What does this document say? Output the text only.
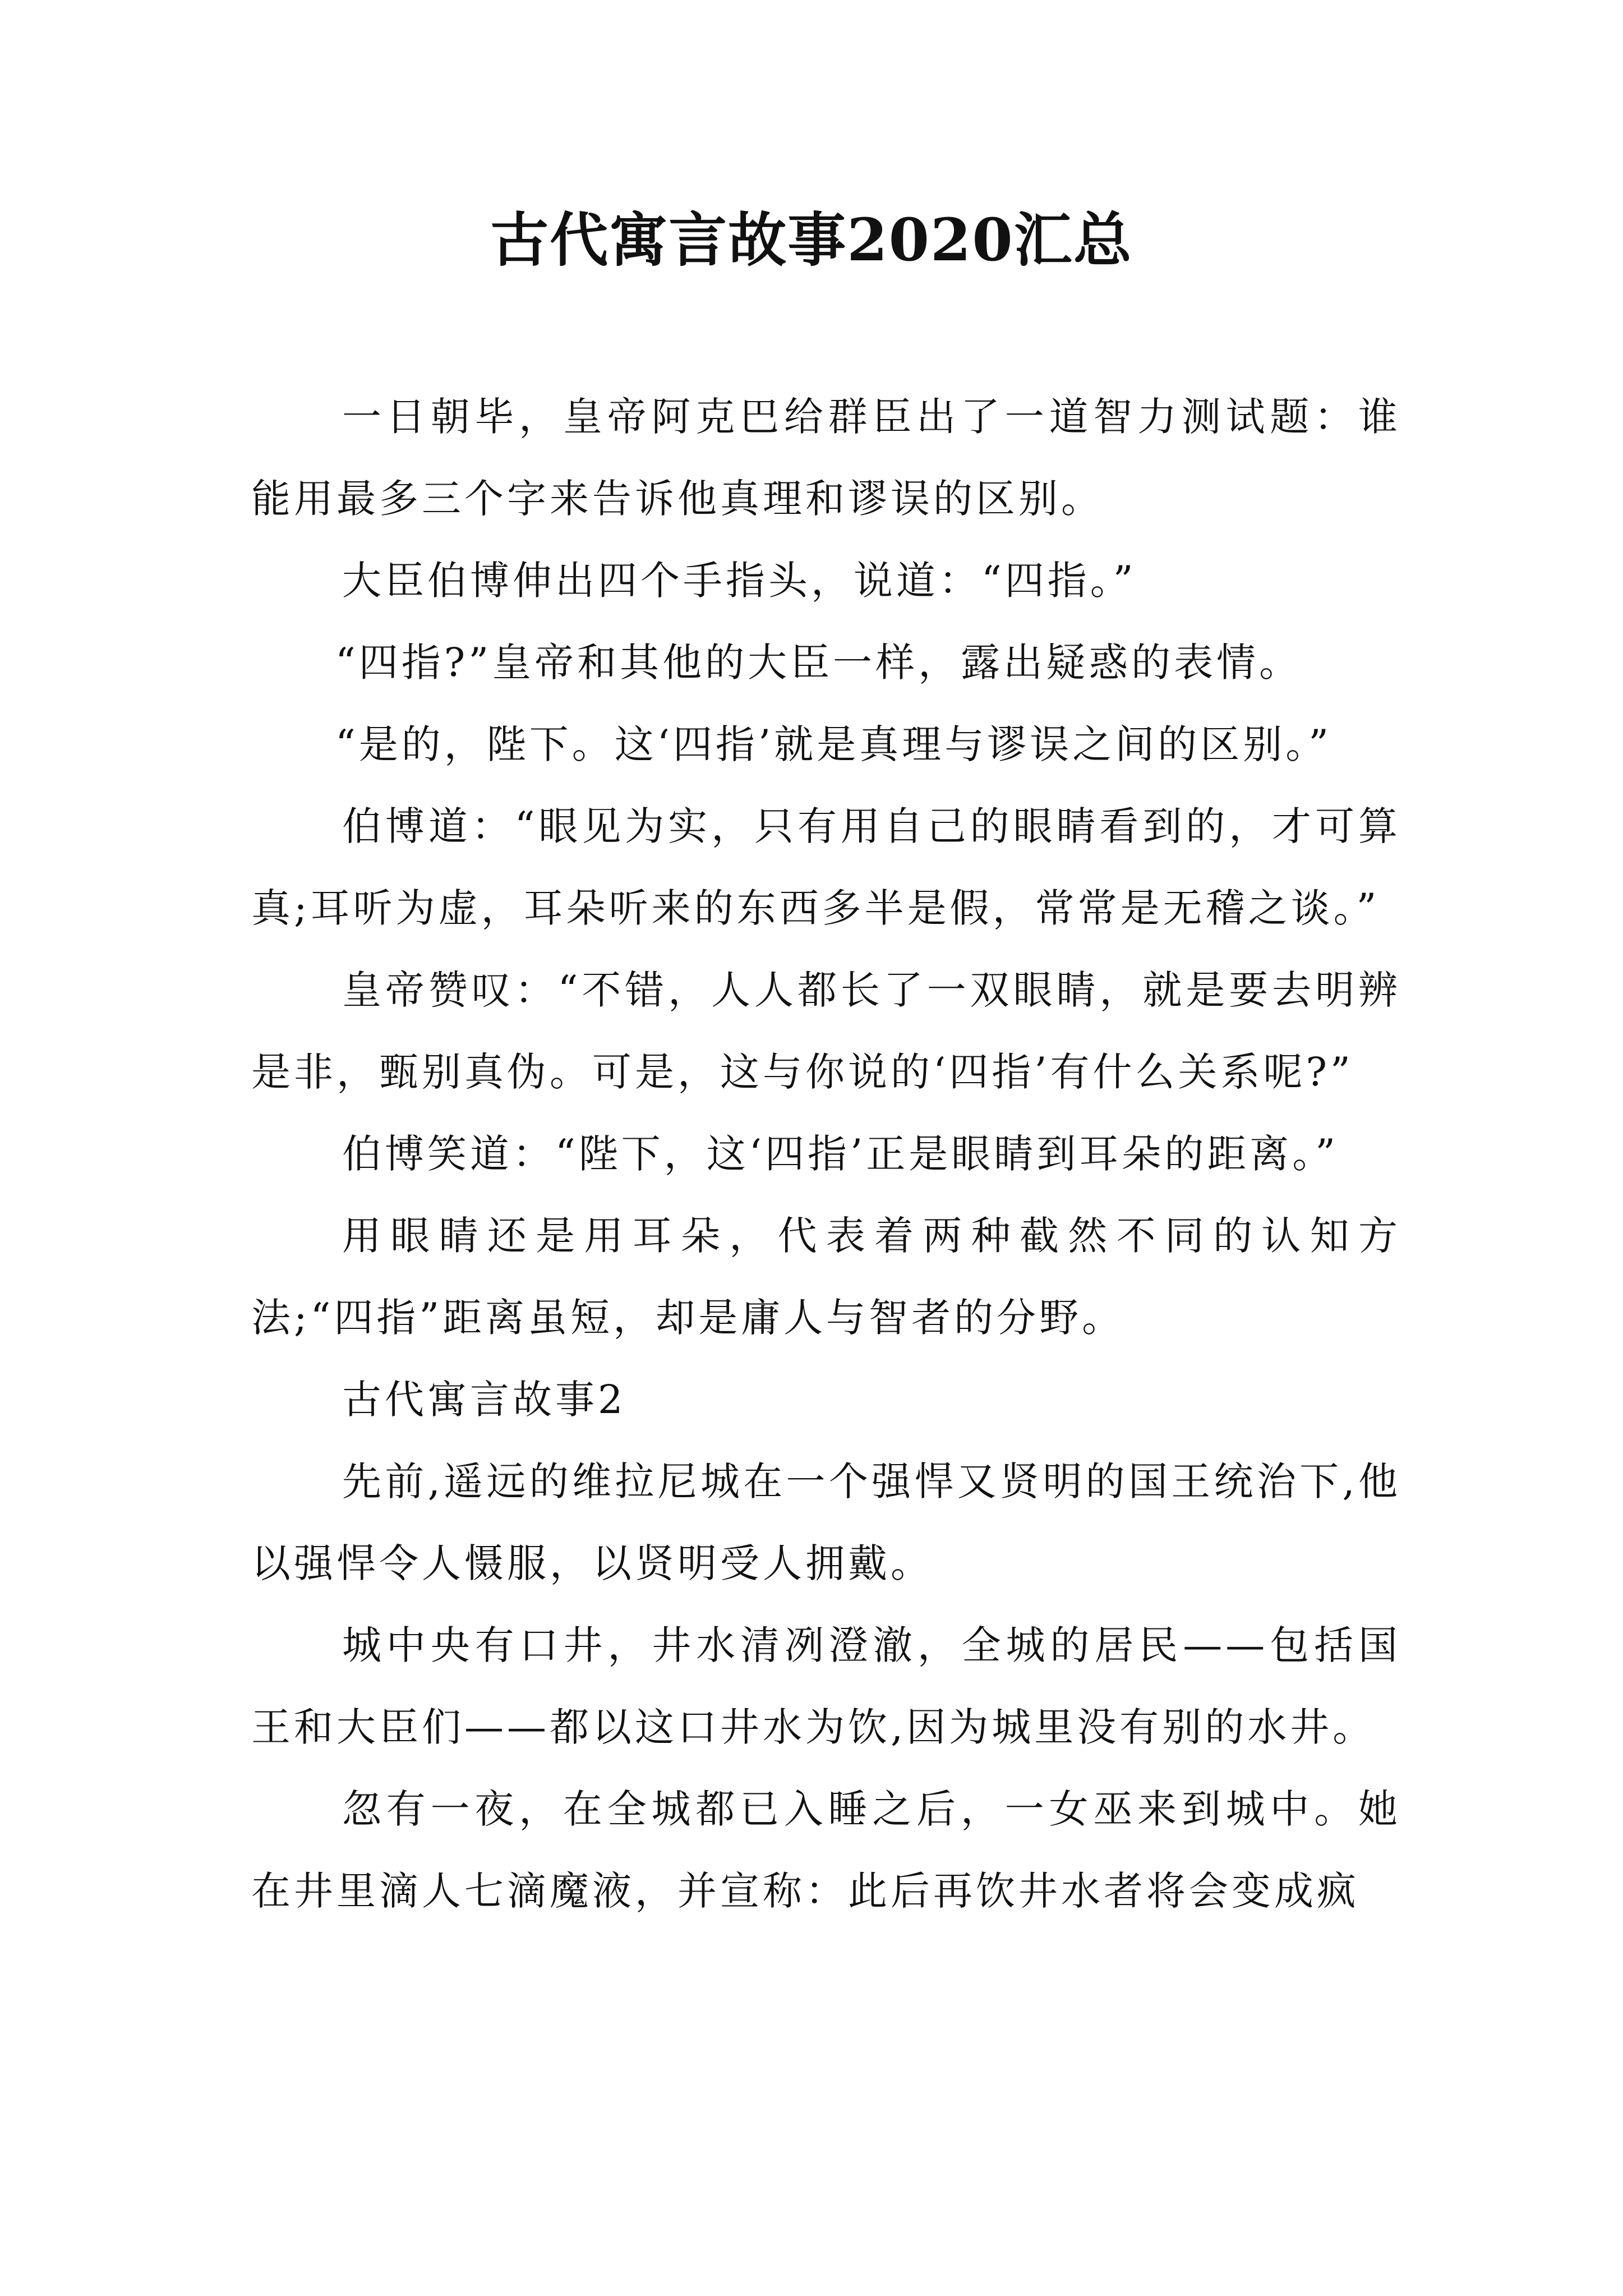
古代寓言故事2020汇总

一日朝毕，皇帝阿克巴给群臣出了一道智力测试题：谁能用最多三个字来告诉他真理和谬误的区别。

大臣伯博伸出四个手指头，说道：“四指。”

“四指?”皇帝和其他的大臣一样，露出疑惑的表情。

“是的，陛下。这‘四指’就是真理与谬误之间的区别。”

伯博道：“眼见为实，只有用自己的眼睛看到的，才可算真;耳听为虚，耳朵听来的东西多半是假，常常是无稽之谈。”

皇帝赞叹：“不错，人人都长了一双眼睛，就是要去明辨是非，甄别真伪。可是，这与你说的‘四指’有什么关系呢?”

伯博笑道：“陛下，这‘四指’正是眼睛到耳朵的距离。”

用眼睛还是用耳朵，代表着两种截然不同的认知方法;“四指”距离虽短，却是庸人与智者的分野。

古代寓言故事2

先前,遥远的维拉尼城在一个强悍又贤明的国王统治下,他以强悍令人慑服，以贤明受人拥戴。

城中央有口井，井水清冽澄澈，全城的居民——包括国王和大臣们——都以这口井水为饮,因为城里没有别的水井。

忽有一夜，在全城都已入睡之后，一女巫来到城中。她在井里滴人七滴魔液，并宣称：此后再饮井水者将会变成疯
